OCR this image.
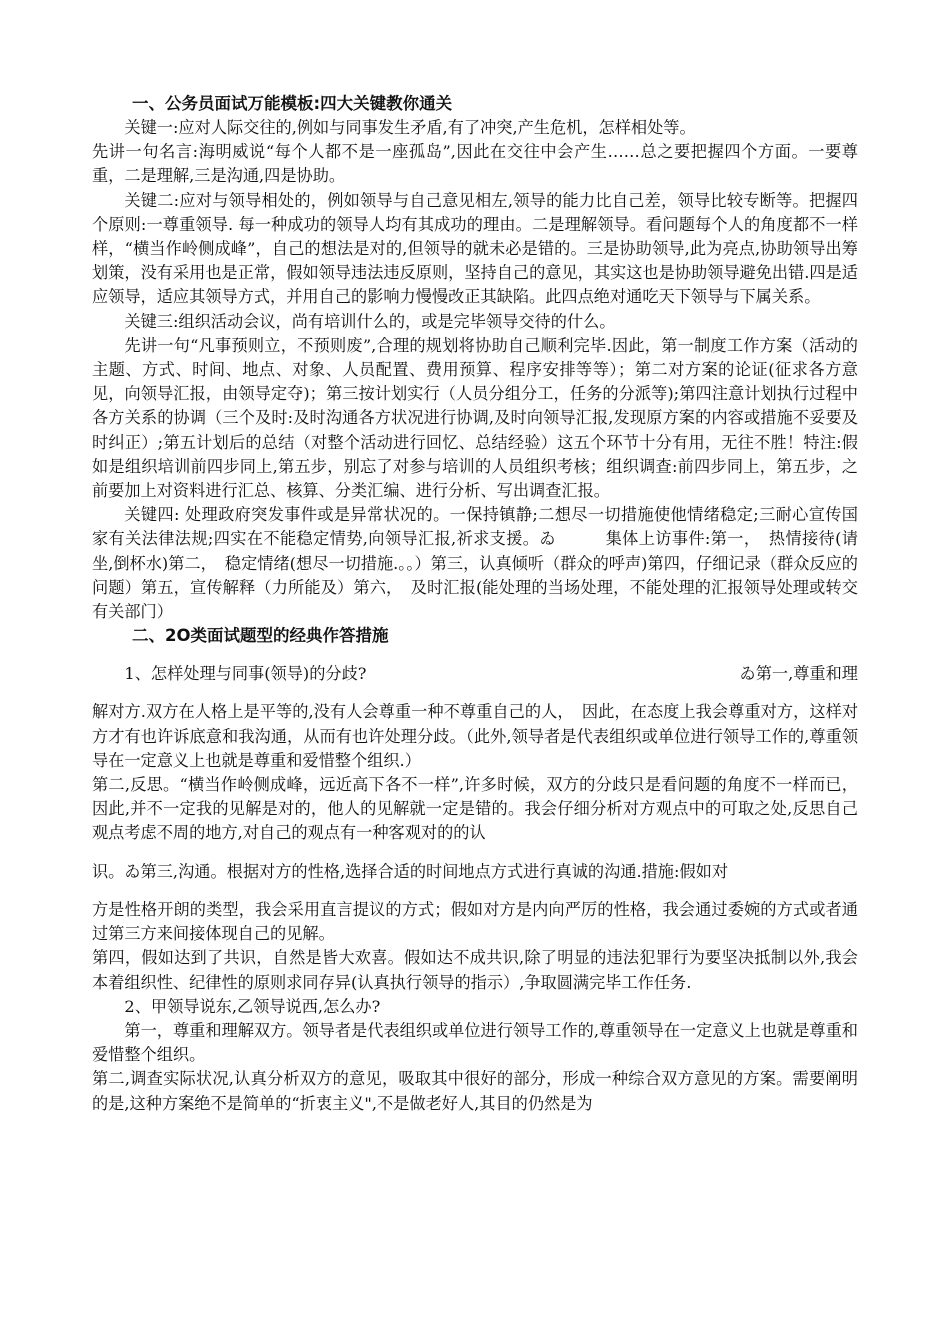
一、公务员面试万能模板:四大关键教你通关

关键一:应对人际交往的,例如与同事发生矛盾,有了冲突,产生危机，怎样相处等。

先讲一句名言:海明威说“每个人都不是一座孤岛”,因此在交往中会产生……总之要把握四个方面。一要尊重，二是理解,三是沟通,四是协助。

关键二:应对与领导相处的，例如领导与自己意见相左,领导的能力比自己差，领导比较专断等。把握四个原则:一尊重领导. 每一种成功的领导人均有其成功的理由。二是理解领导。看问题每个人的角度都不一样样，“横当作岭侧成峰”，自己的想法是对的,但领导的就未必是错的。三是协助领导,此为亮点,协助领导出筹划策，没有采用也是正常，假如领导违法违反原则，坚持自己的意见，其实这也是协助领导避免出错.四是适应领导，适应其领导方式，并用自己的影响力慢慢改正其缺陷。此四点绝对通吃天下领导与下属关系。

关键三:组织活动会议，尚有培训什么的，或是完毕领导交待的什么。

先讲一句“凡事预则立，不预则废”,合理的规划将协助自己顺利完毕.因此，第一制度工作方案（活动的主题、方式、时间、地点、对象、人员配置、费用预算、程序安排等等）；第二对方案的论证(征求各方意见，向领导汇报，由领导定夺)；第三按计划实行（人员分组分工，任务的分派等);第四注意计划执行过程中各方关系的协调（三个及时:及时沟通各方状况进行协调,及时向领导汇报,发现原方案的内容或措施不妥要及时纠正）;第五计划后的总结（对整个活动进行回忆、总结经验）这五个环节十分有用，无往不胜！特注:假如是组织培训前四步同上,第五步，别忘了对参与培训的人员组织考核；组织调查:前四步同上，第五步，之前要加上对资料进行汇总、核算、分类汇编、进行分析、写出调查汇报。

关键四: 处理政府突发事件或是异常状况的。一保持镇静;二想尽一切措施使他情绪稳定;三耐心宣传国家有关法律法规;四实在不能稳定情势,向领导汇报,祈求支援。ゐ　　　集体上访事件:第一，　热情接待(请坐,倒杯水)第二，　稳定情绪(想尽一切措施.。。）第三，认真倾听（群众的呼声)第四，仔细记录（群众反应的问题）第五，宣传解释（力所能及）第六，　及时汇报(能处理的当场处理，不能处理的汇报领导处理或转交有关部门）

二、2O类面试题型的经典作答措施

1、怎样处理与同事(领导)的分歧?	ゐ第一,尊重和理

解对方.双方在人格上是平等的,没有人会尊重一种不尊重自己的人，　因此，在态度上我会尊重对方，这样对方才有也许诉底意和我沟通，从而有也许处理分歧。（此外,领导者是代表组织或单位进行领导工作的,尊重领导在一定意义上也就是尊重和爱惜整个组织.）

第二,反思。“横当作岭侧成峰，远近高下各不一样”,许多时候，双方的分歧只是看问题的角度不一样而已，因此,并不一定我的见解是对的，他人的见解就一定是错的。我会仔细分析对方观点中的可取之处,反思自己观点考虑不周的地方,对自己的观点有一种客观对的的认

识。ゐ第三,沟通。根据对方的性格,选择合适的时间地点方式进行真诚的沟通.措施:假如对

方是性格开朗的类型，我会采用直言提议的方式；假如对方是内向严厉的性格，我会通过委婉的方式或者通过第三方来间接体现自己的见解。

第四，假如达到了共识，自然是皆大欢喜。假如达不成共识,除了明显的违法犯罪行为要坚决抵制以外,我会本着组织性、纪律性的原则求同存异(认真执行领导的指示）,争取圆满完毕工作任务.

2、甲领导说东,乙领导说西,怎么办?

第一，尊重和理解双方。领导者是代表组织或单位进行领导工作的,尊重领导在一定意义上也就是尊重和爱惜整个组织。

第二,调查实际状况,认真分析双方的意见，吸取其中很好的部分，形成一种综合双方意见的方案。需要阐明的是,这种方案绝不是简单的“折衷主义",不是做老好人,其目的仍然是为
